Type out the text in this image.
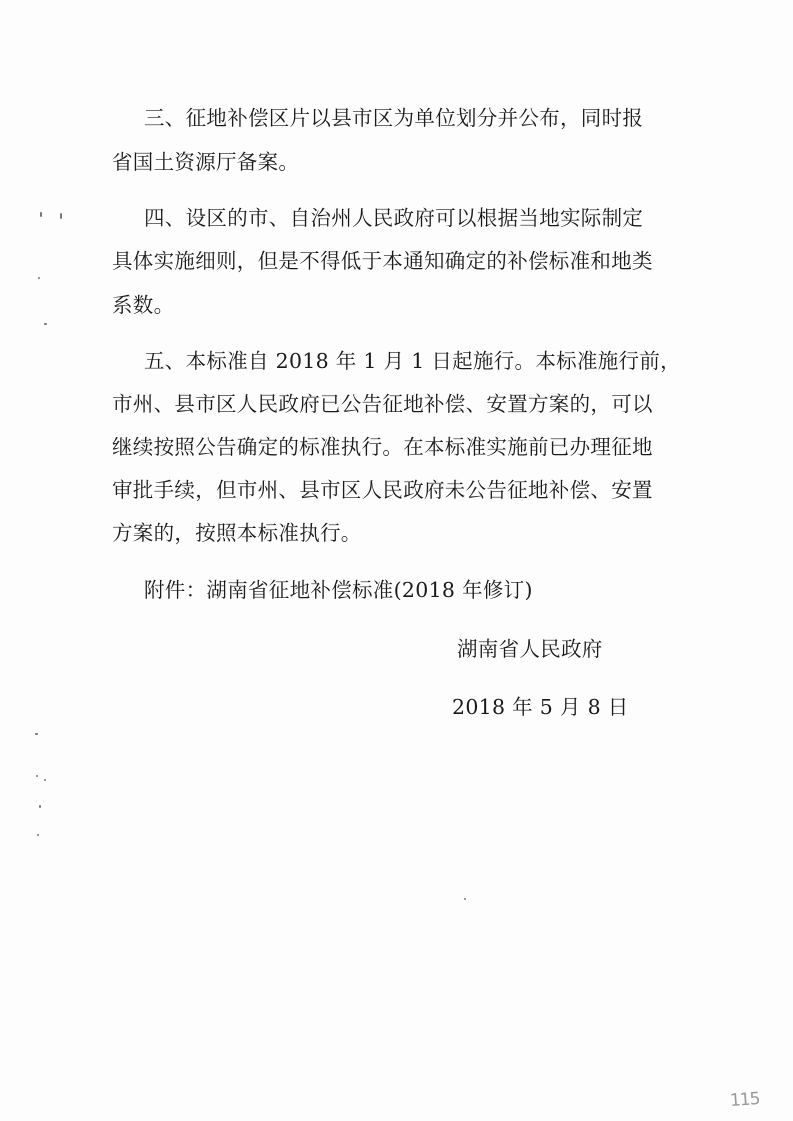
三、征地补偿区片以县市区为单位划分并公布，同时报
省国土资源厅备案。
四、设区的市、自治州人民政府可以根据当地实际制定
具体实施细则，但是不得低于本通知确定的补偿标准和地类
系数。
五、本标准自 2018 年 1 月 1 日起施行。本标准施行前，
市州、县市区人民政府已公告征地补偿、安置方案的，可以
继续按照公告确定的标准执行。在本标准实施前已办理征地
审批手续，但市州、县市区人民政府未公告征地补偿、安置
方案的，按照本标准执行。
附件：湖南省征地补偿标准(2018 年修订)
湖南省人民政府
2018 年 5 月 8 日
115
